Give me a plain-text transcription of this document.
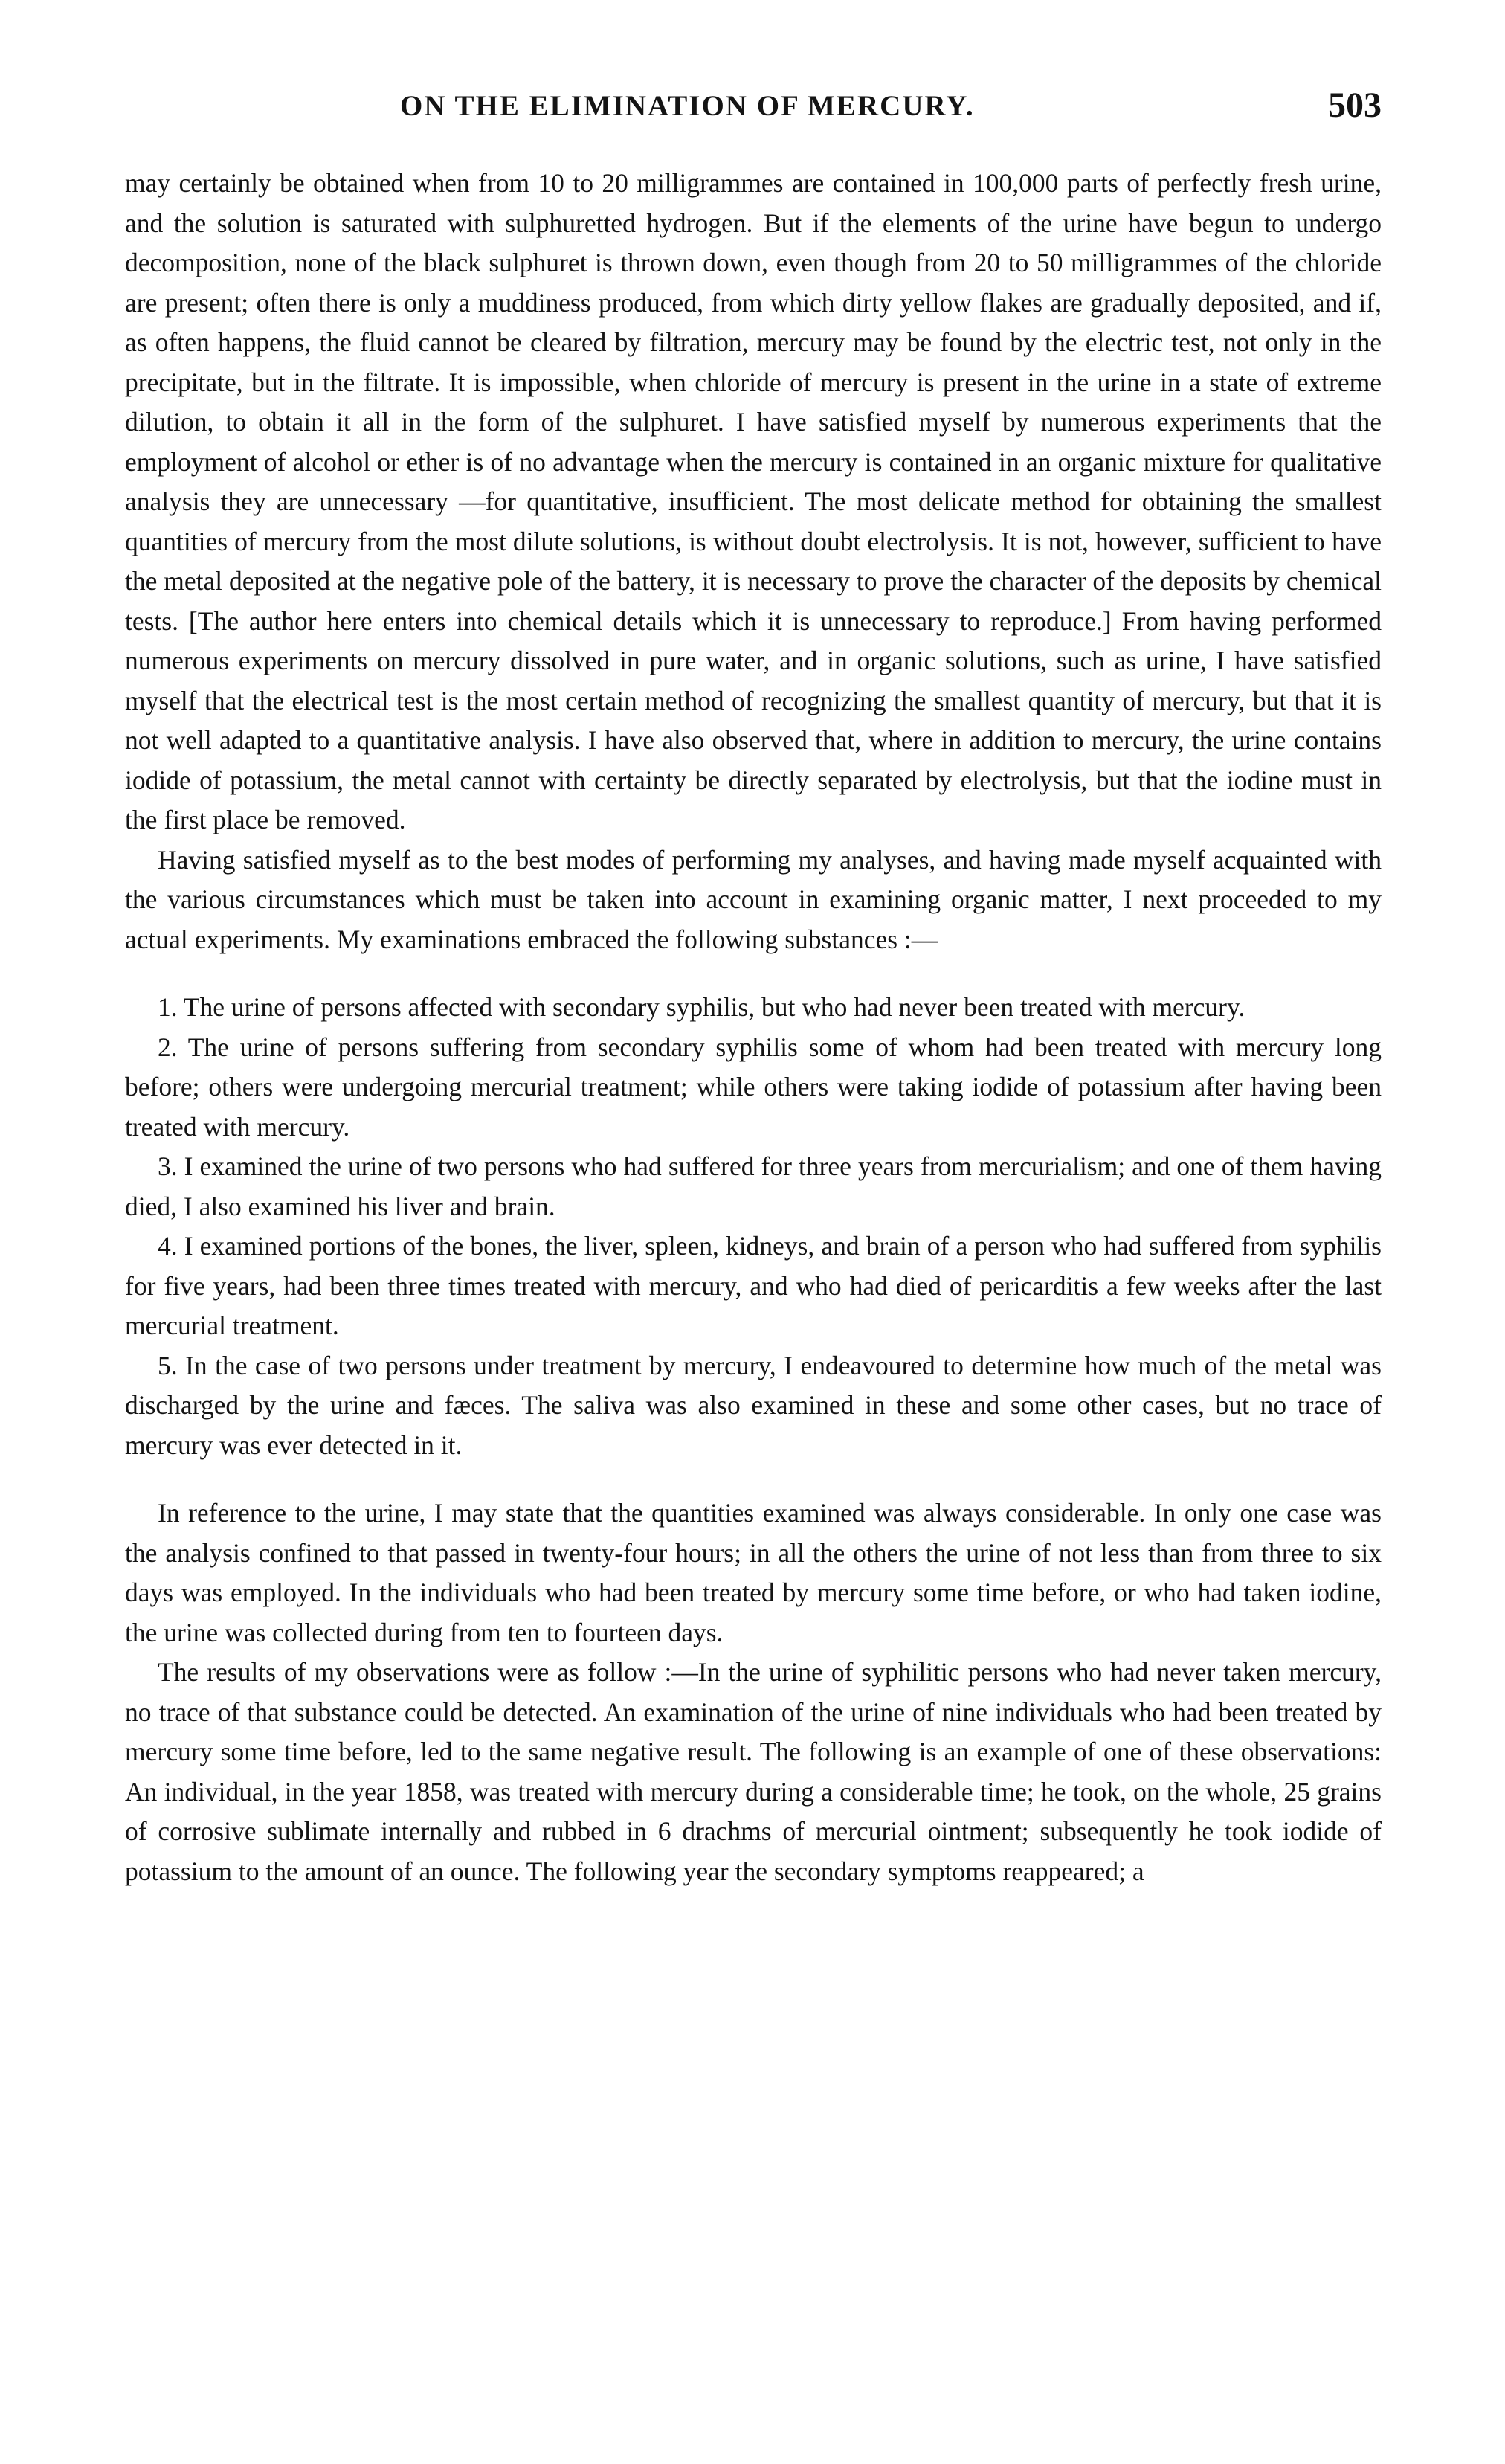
ON THE ELIMINATION OF MERCURY.	503

may certainly be obtained when from 10 to 20 milligrammes are contained in 100,000 parts of perfectly fresh urine, and the solution is saturated with sulphuretted hydrogen. But if the elements of the urine have begun to undergo decomposition, none of the black sulphuret is thrown down, even though from 20 to 50 milligrammes of the chloride are present; often there is only a muddiness produced, from which dirty yellow flakes are gradually deposited, and if, as often happens, the fluid cannot be cleared by filtration, mercury may be found by the electric test, not only in the precipitate, but in the filtrate. It is impossible, when chloride of mercury is present in the urine in a state of extreme dilution, to obtain it all in the form of the sulphuret. I have satisfied myself by numerous experiments that the employment of alcohol or ether is of no advantage when the mercury is contained in an organic mixture for qualitative analysis they are unnecessary —for quantitative, insufficient. The most delicate method for obtaining the smallest quantities of mercury from the most dilute solutions, is without doubt electrolysis. It is not, however, sufficient to have the metal deposited at the negative pole of the battery, it is necessary to prove the character of the deposits by chemical tests. [The author here enters into chemical details which it is unnecessary to reproduce.] From having performed numerous experiments on mercury dissolved in pure water, and in organic solutions, such as urine, I have satisfied myself that the electrical test is the most certain method of recognizing the smallest quantity of mercury, but that it is not well adapted to a quantitative analysis. I have also observed that, where in addition to mercury, the urine contains iodide of potassium, the metal cannot with certainty be directly separated by electrolysis, but that the iodine must in the first place be removed.

Having satisfied myself as to the best modes of performing my analyses, and having made myself acquainted with the various circumstances which must be taken into account in examining organic matter, I next proceeded to my actual experiments. My examinations embraced the following substances :—

1. The urine of persons affected with secondary syphilis, but who had never been treated with mercury.

2. The urine of persons suffering from secondary syphilis some of whom had been treated with mercury long before; others were undergoing mercurial treatment; while others were taking iodide of potassium after having been treated with mercury.

3. I examined the urine of two persons who had suffered for three years from mercurialism; and one of them having died, I also examined his liver and brain.

4. I examined portions of the bones, the liver, spleen, kidneys, and brain of a person who had suffered from syphilis for five years, had been three times treated with mercury, and who had died of pericarditis a few weeks after the last mercurial treatment.

5. In the case of two persons under treatment by mercury, I endeavoured to determine how much of the metal was discharged by the urine and fæces. The saliva was also examined in these and some other cases, but no trace of mercury was ever detected in it.

In reference to the urine, I may state that the quantities examined was always considerable. In only one case was the analysis confined to that passed in twenty-four hours; in all the others the urine of not less than from three to six days was employed. In the individuals who had been treated by mercury some time before, or who had taken iodine, the urine was collected during from ten to fourteen days.

The results of my observations were as follow :—In the urine of syphilitic persons who had never taken mercury, no trace of that substance could be detected. An examination of the urine of nine individuals who had been treated by mercury some time before, led to the same negative result. The following is an example of one of these observations: An individual, in the year 1858, was treated with mercury during a considerable time; he took, on the whole, 25 grains of corrosive sublimate internally and rubbed in 6 drachms of mercurial ointment; subsequently he took iodide of potassium to the amount of an ounce. The following year the secondary symptoms reappeared; a
